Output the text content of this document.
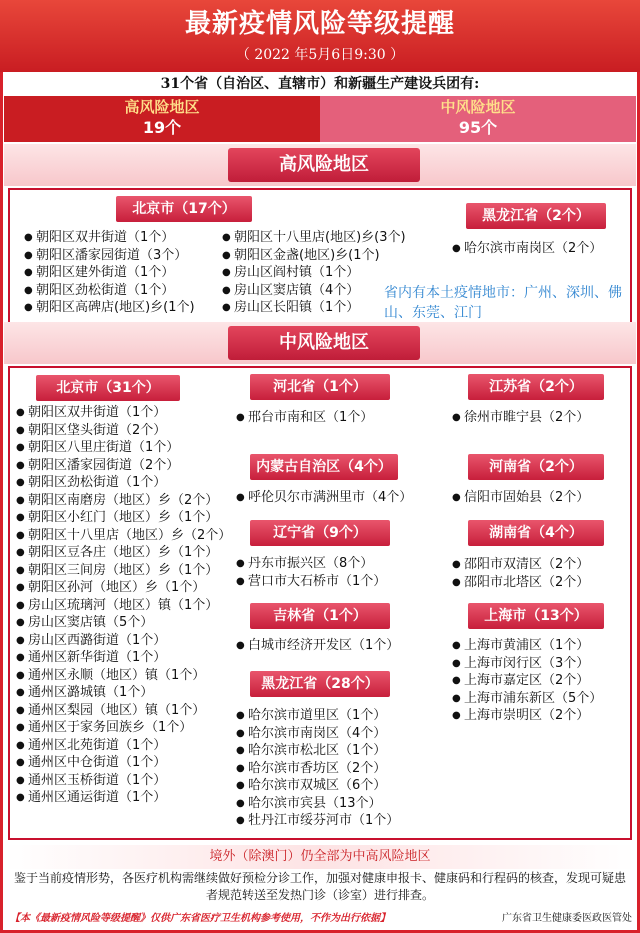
最新疫情风险等级提醒
（ 2022 年5月6日9:30 ）
31个省（自治区、直辖市）和新疆生产建设兵团有:
高风险地区
19个
中风险地区
95个
高风险地区
北京市（17个）
● 朝阳区双井街道（1个）
● 朝阳区潘家园街道（3个）
● 朝阳区建外街道（1个）
● 朝阳区劲松街道（1个）
● 朝阳区高碑店(地区)乡(1个)
● 朝阳区十八里店(地区)乡(3个)
● 朝阳区金盏(地区)乡(1个)
● 房山区阎村镇（1个）
● 房山区窦店镇（4个）
● 房山区长阳镇（1个）
黑龙江省（2个）
● 哈尔滨市南岗区（2个）
省内有本土疫情地市：广州、深圳、佛山、东莞、江门
中风险地区
北京市（31个）
● 朝阳区双井街道（1个）
● 朝阳区垡头街道（2个）
● 朝阳区八里庄街道（1个）
● 朝阳区潘家园街道（2个）
● 朝阳区劲松街道（1个）
● 朝阳区南磨房（地区）乡（2个）
● 朝阳区小红门（地区）乡（1个）
● 朝阳区十八里店（地区）乡（2个）
● 朝阳区豆各庄（地区）乡（1个）
● 朝阳区三间房（地区）乡（1个）
● 朝阳区孙河（地区）乡（1个）
● 房山区琉璃河（地区）镇（1个）
● 房山区窦店镇（5个）
● 房山区西潞街道（1个）
● 通州区新华街道（1个）
● 通州区永顺（地区）镇（1个）
● 通州区潞城镇（1个）
● 通州区梨园（地区）镇（1个）
● 通州区于家务回族乡（1个）
● 通州区北苑街道（1个）
● 通州区中仓街道（1个）
● 通州区玉桥街道（1个）
● 通州区通运街道（1个）
河北省（1个）
● 邢台市南和区（1个）
内蒙古自治区（4个）
● 呼伦贝尔市满洲里市（4个）
辽宁省（9个）
● 丹东市振兴区（8个）
● 营口市大石桥市（1个）
吉林省（1个）
● 白城市经济开发区（1个）
黑龙江省（28个）
● 哈尔滨市道里区（1个）
● 哈尔滨市南岗区（4个）
● 哈尔滨市松北区（1个）
● 哈尔滨市香坊区（2个）
● 哈尔滨市双城区（6个）
● 哈尔滨市宾县（13个）
● 牡丹江市绥芬河市（1个）
江苏省（2个）
● 徐州市睢宁县（2个）
河南省（2个）
● 信阳市固始县（2个）
湖南省（4个）
● 邵阳市双清区（2个）
● 邵阳市北塔区（2个）
上海市（13个）
● 上海市黄浦区（1个）
● 上海市闵行区（3个）
● 上海市嘉定区（2个）
● 上海市浦东新区（5个）
● 上海市崇明区（2个）
境外（除澳门）仍全部为中高风险地区
鉴于当前疫情形势，各医疗机构需继续做好预检分诊工作，加强对健康申报卡、健康码和行程码的核查，发现可疑患者规范转送至发热门诊（诊室）进行排查。
【本《最新疫情风险等级提醒》仅供广东省医疗卫生机构参考使用，不作为出行依据】	广东省卫生健康委医政医管处
